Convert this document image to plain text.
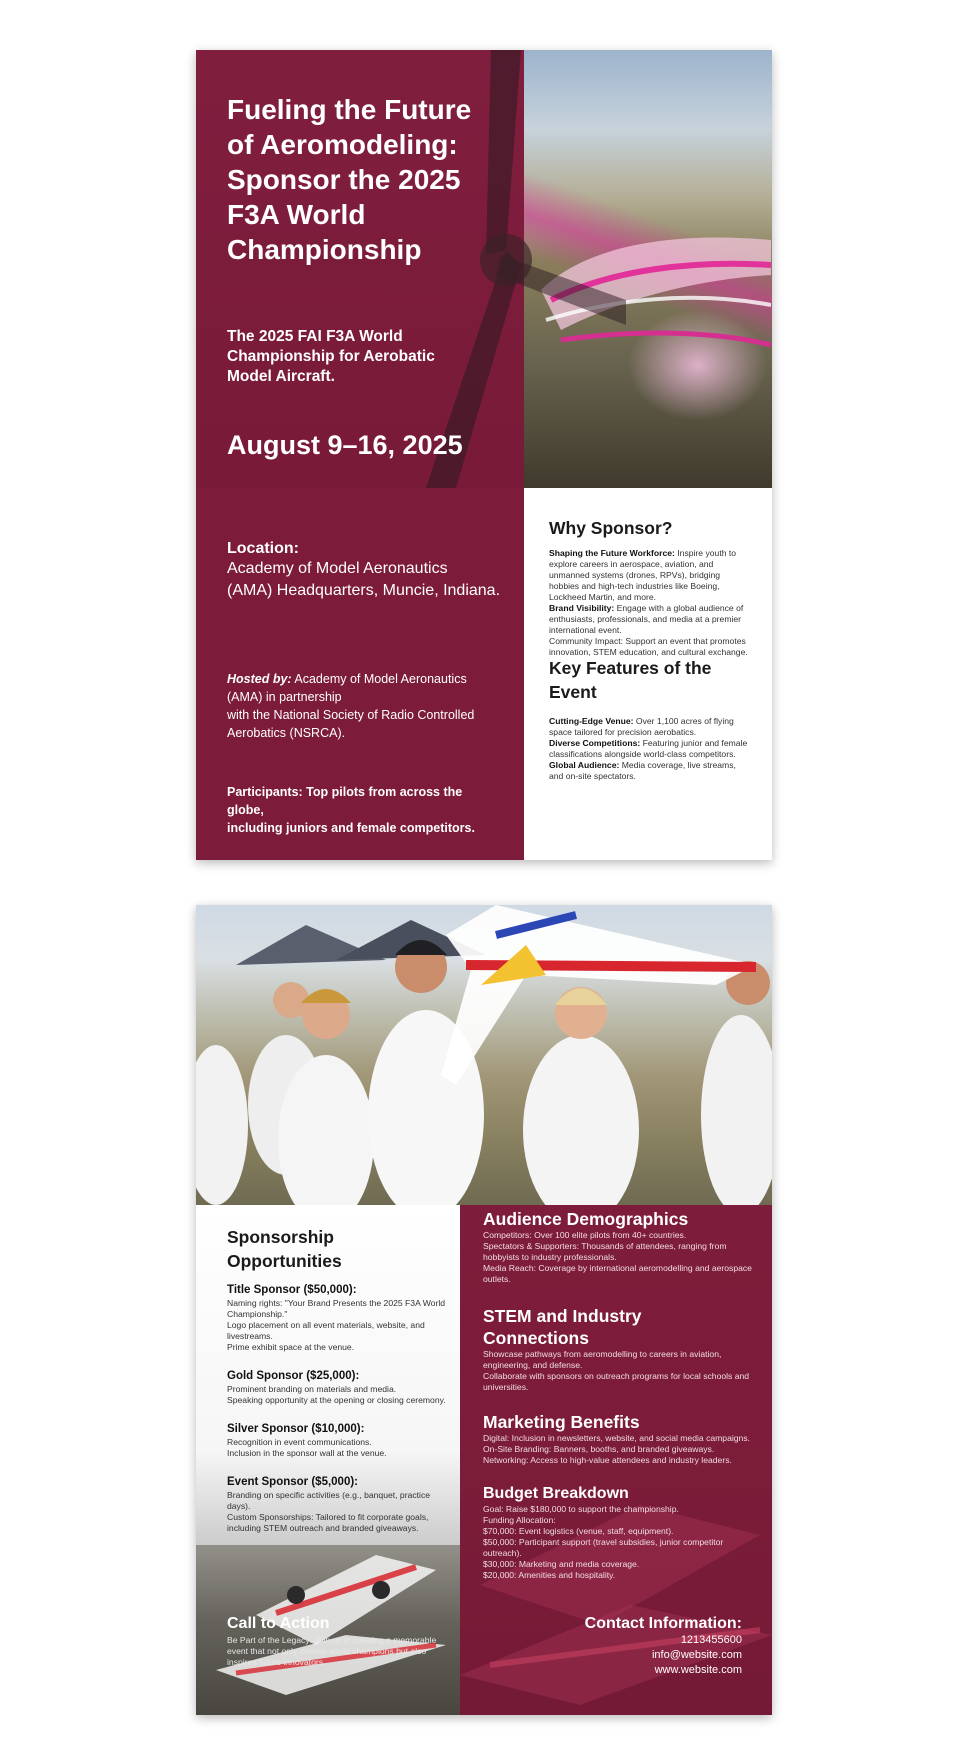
Fueling the Future
of Aeromodeling:
Sponsor the 2025
F3A World
Championship

The 2025 FAI F3A World
Championship for Aerobatic
Model Aircraft.

August 9–16, 2025

Location:
Academy of Model Aeronautics
(AMA) Headquarters, Muncie, Indiana.
Hosted by: Academy of Model Aeronautics
(AMA) in partnership
with the National Society of Radio Controlled
Aerobatics (NSRCA).
Participants: Top pilots from across the globe,
including juniors and female competitors.
Why Sponsor?
Shaping the Future Workforce: Inspire youth to explore careers in aerospace, aviation, and unmanned systems (drones, RPVs), bridging hobbies and high-tech industries like Boeing, Lockheed Martin, and more.
Brand Visibility: Engage with a global audience of enthusiasts, professionals, and media at a premier international event.
Community Impact: Support an event that promotes innovation, STEM education, and cultural exchange.
Key Features of the
Event
Cutting-Edge Venue: Over 1,100 acres of flying space tailored for precision aerobatics.
Diverse Competitions: Featuring junior and female classifications alongside world-class competitors.
Global Audience: Media coverage, live streams, and on-site spectators.
Sponsorship Opportunities
Title Sponsor ($50,000):
Naming rights: "Your Brand Presents the 2025 F3A World Championship."
Logo placement on all event materials, website, and livestreams.
Prime exhibit space at the venue.
Gold Sponsor ($25,000):
Prominent branding on materials and media.
Speaking opportunity at the opening or closing ceremony.
Silver Sponsor ($10,000):
Recognition in event communications.
Inclusion in the sponsor wall at the venue.
Event Sponsor ($5,000):
Branding on specific activities (e.g., banquet, practice days).
Custom Sponsorships: Tailored to fit corporate goals, including STEM outreach and branded giveaways.
Call to Action
Be Part of the Legacy: Join us in creating a memorable event that not only crowns world champions but also inspires future innovators.
Audience Demographics
Competitors: Over 100 elite pilots from 40+ countries.
Spectators & Supporters: Thousands of attendees, ranging from hobbyists to industry professionals.
Media Reach: Coverage by international aeromodelling and aerospace outlets.
STEM and Industry
Connections
Showcase pathways from aeromodelling to careers in aviation, engineering, and defense.
Collaborate with sponsors on outreach programs for local schools and universities.
Marketing Benefits
Digital: Inclusion in newsletters, website, and social media campaigns.
On-Site Branding: Banners, booths, and branded giveaways.
Networking: Access to high-value attendees and industry leaders.
Budget Breakdown
Goal: Raise $180,000 to support the championship.
Funding Allocation:
$70,000: Event logistics (venue, staff, equipment).
$50,000: Participant support (travel subsidies, junior competitor outreach).
$30,000: Marketing and media coverage.
$20,000: Amenities and hospitality.
Contact Information:
1213455600
info@website.com
www.website.com
